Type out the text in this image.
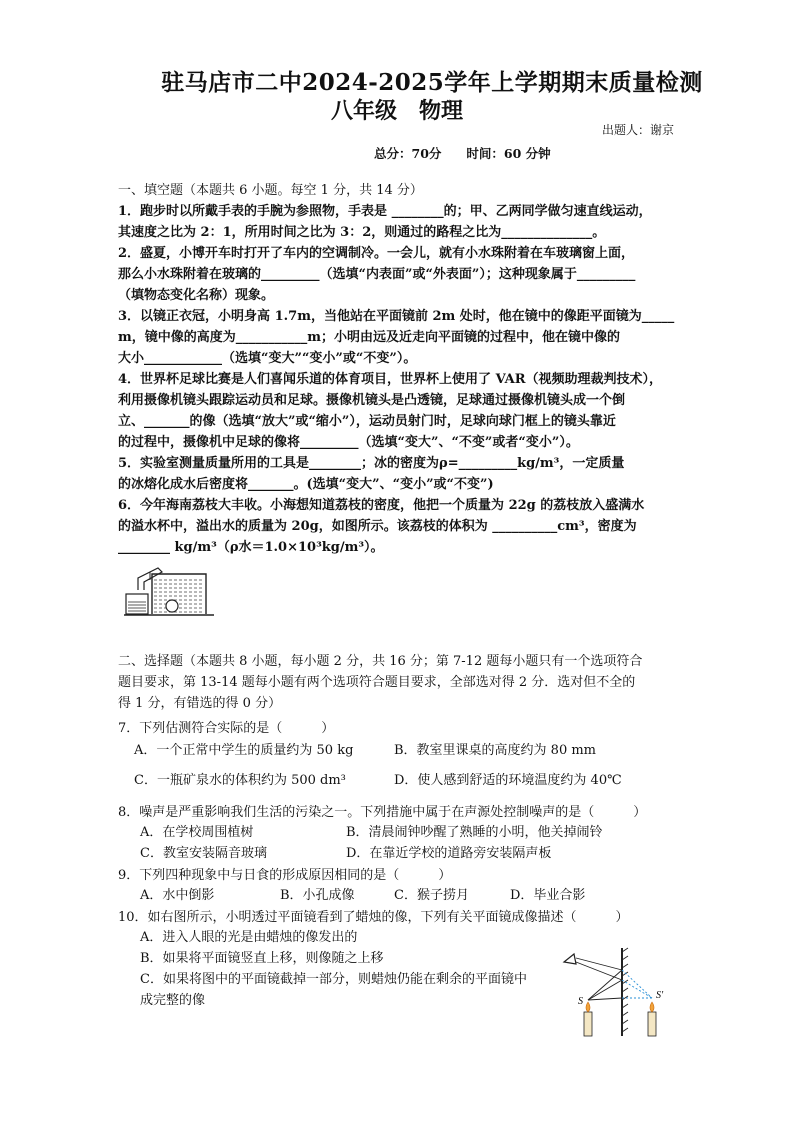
驻马店市二中2024-2025学年上学期期末质量检测
八年级　物理
出题人：谢京
总分：70分　　时间：60 分钟
一、填空题（本题共 6 小题。每空 1 分，共 14 分）
1．跑步时以所戴手表的手腕为参照物，手表是 ________的；甲、乙两同学做匀速直线运动，
其速度之比为 2：1，所用时间之比为 3：2，则通过的路程之比为______________。
2．盛夏，小博开车时打开了车内的空调制冷。一会儿，就有小水珠附着在车玻璃窗上面，
那么小水珠附着在玻璃的_________（选填“内表面”或“外表面”）；这种现象属于_________
（填物态变化名称）现象。
3．以镜正衣冠，小明身高 1.7m，当他站在平面镜前 2m 处时，他在镜中的像距平面镜为_____
m，镜中像的高度为___________m；小明由远及近走向平面镜的过程中，他在镜中像的
大小____________（选填“变大”“变小”或“不变”）。
4．世界杯足球比赛是人们喜闻乐道的体育项目，世界杯上使用了 VAR（视频助理裁判技术），
利用摄像机镜头跟踪运动员和足球。摄像机镜头是凸透镜，足球通过摄像机镜头成一个倒
立、_______的像（选填“放大”或“缩小”），运动员射门时，足球向球门框上的镜头靠近
的过程中，摄像机中足球的像将_________（选填“变大”、“不变”或者“变小”）。
5．实验室测量质量所用的工具是________；冰的密度为ρ=_________kg/m³，一定质量
的冰熔化成水后密度将_______。(选填“变大”、“变小”或“不变”)
6．今年海南荔枝大丰收。小海想知道荔枝的密度，他把一个质量为 22g 的荔枝放入盛满水
的溢水杯中，溢出水的质量为 20g，如图所示。该荔枝的体积为 __________cm³，密度为
________ kg/m³（ρ水＝1.0×10³kg/m³）。
二、选择题（本题共 8 小题，每小题 2 分，共 16 分；第 7-12 题每小题只有一个选项符合
题目要求，第 13-14 题每小题有两个选项符合题目要求，全部选对得 2 分．选对但不全的
得 1 分，有错选的得 0 分）
7．下列估测符合实际的是（　　　）
A．一个正常中学生的质量约为 50 kg	B．教室里课桌的高度约为 80 mm
C．一瓶矿泉水的体积约为 500 dm³	D．使人感到舒适的环境温度约为 40℃
8．噪声是严重影响我们生活的污染之一。下列措施中属于在声源处控制噪声的是（　　　）
A．在学校周围植树	B．清晨闹钟吵醒了熟睡的小明，他关掉闹铃
C．教室安装隔音玻璃	D．在靠近学校的道路旁安装隔声板
9．下列四种现象中与日食的形成原因相同的是（　　　）
A．水中倒影	B．小孔成像	C．猴子捞月	D．毕业合影
10．如右图所示，小明透过平面镜看到了蜡烛的像，下列有关平面镜成像描述（　　　）
A．进入人眼的光是由蜡烛的像发出的
B．如果将平面镜竖直上移，则像随之上移
C．如果将图中的平面镜截掉一部分，则蜡烛仍能在剩余的平面镜中
成完整的像	S
S'
